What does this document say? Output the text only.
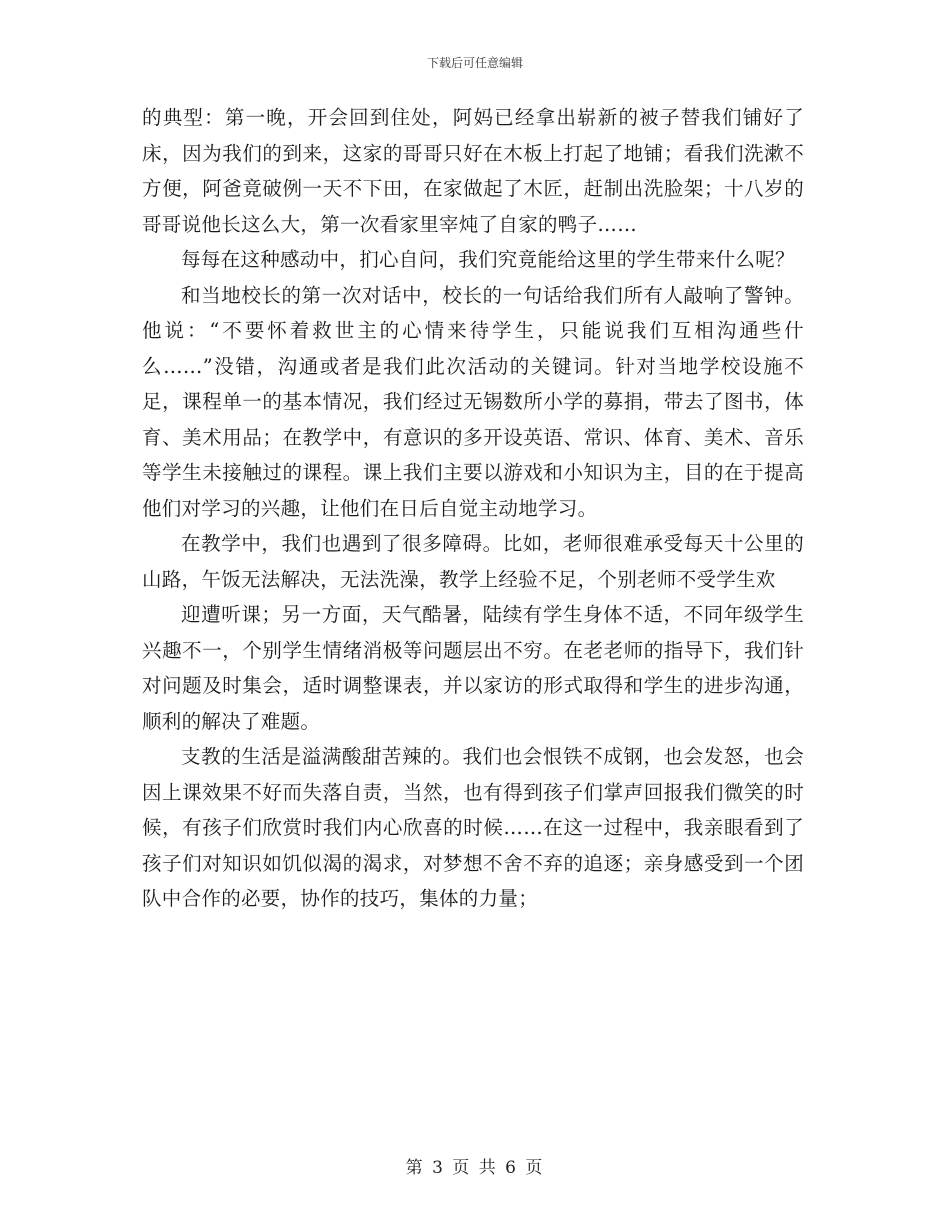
下载后可任意编辑

的典型：第一晚，开会回到住处，阿妈已经拿出崭新的被子替我们铺好了床，因为我们的到来，这家的哥哥只好在木板上打起了地铺；看我们洗漱不方便，阿爸竟破例一天不下田，在家做起了木匠，赶制出洗脸架；十八岁的哥哥说他长这么大，第一次看家里宰炖了自家的鸭子……

每每在这种感动中，扪心自问，我们究竟能给这里的学生带来什么呢？

和当地校长的第一次对话中，校长的一句话给我们所有人敲响了警钟。他说：“不要怀着救世主的心情来待学生，只能说我们互相沟通些什么……”没错，沟通或者是我们此次活动的关键词。针对当地学校设施不足，课程单一的基本情况，我们经过无锡数所小学的募捐，带去了图书，体育、美术用品；在教学中，有意识的多开设英语、常识、体育、美术、音乐等学生未接触过的课程。课上我们主要以游戏和小知识为主，目的在于提高他们对学习的兴趣，让他们在日后自觉主动地学习。

在教学中，我们也遇到了很多障碍。比如，老师很难承受每天十公里的山路，午饭无法解决，无法洗澡，教学上经验不足，个别老师不受学生欢

迎遭听课；另一方面，天气酷暑，陆续有学生身体不适，不同年级学生兴趣不一，个别学生情绪消极等问题层出不穷。在老老师的指导下，我们针对问题及时集会，适时调整课表，并以家访的形式取得和学生的进步沟通，顺利的解决了难题。

支教的生活是溢满酸甜苦辣的。我们也会恨铁不成钢，也会发怒，也会因上课效果不好而失落自责，当然，也有得到孩子们掌声回报我们微笑的时候，有孩子们欣赏时我们内心欣喜的时候……在这一过程中，我亲眼看到了孩子们对知识如饥似渴的渴求，对梦想不舍不弃的追逐；亲身感受到一个团队中合作的必要，协作的技巧，集体的力量；

第 3 页 共 6 页
